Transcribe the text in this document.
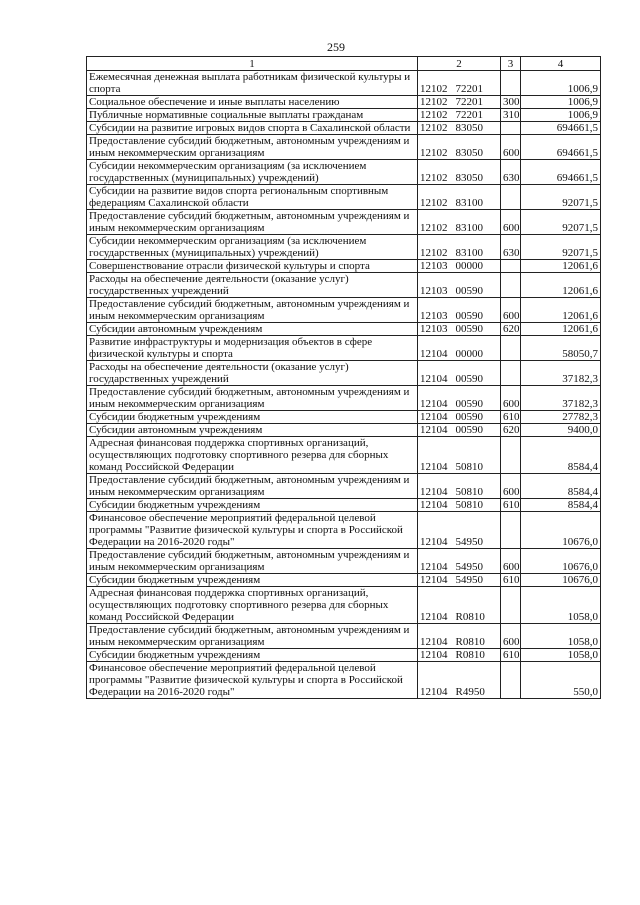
259
1	2	3	4
Ежемесячная денежная выплата работникам физической культуры и спорта	12102 72201		1006,9
Социальное обеспечение и иные выплаты населению	12102 72201	300	1006,9
Публичные нормативные социальные выплаты гражданам	12102 72201	310	1006,9
Субсидии на развитие игровых видов спорта в Сахалинской области	12102 83050		694661,5
Предоставление субсидий бюджетным, автономным учреждениям и иным некоммерческим организациям	12102 83050	600	694661,5
Субсидии некоммерческим организациям (за исключением государственных (муниципальных) учреждений)	12102 83050	630	694661,5
Субсидии на развитие видов спорта региональным спортивным федерациям Сахалинской области	12102 83100		92071,5
Предоставление субсидий бюджетным, автономным учреждениям и иным некоммерческим организациям	12102 83100	600	92071,5
Субсидии некоммерческим организациям (за исключением государственных (муниципальных) учреждений)	12102 83100	630	92071,5
Совершенствование отрасли физической культуры и спорта	12103 00000		12061,6
Расходы на обеспечение деятельности (оказание услуг) государственных учреждений	12103 00590		12061,6
Предоставление субсидий бюджетным, автономным учреждениям и иным некоммерческим организациям	12103 00590	600	12061,6
Субсидии автономным учреждениям	12103 00590	620	12061,6
Развитие инфраструктуры и модернизация объектов в сфере физической культуры и спорта	12104 00000		58050,7
Расходы на обеспечение деятельности (оказание услуг) государственных учреждений	12104 00590		37182,3
Предоставление субсидий бюджетным, автономным учреждениям и иным некоммерческим организациям	12104 00590	600	37182,3
Субсидии бюджетным учреждениям	12104 00590	610	27782,3
Субсидии автономным учреждениям	12104 00590	620	9400,0
Адресная финансовая поддержка спортивных организаций, осуществляющих подготовку спортивного резерва для сборных команд Российской Федерации	12104 50810		8584,4
Предоставление субсидий бюджетным, автономным учреждениям и иным некоммерческим организациям	12104 50810	600	8584,4
Субсидии бюджетным учреждениям	12104 50810	610	8584,4
Финансовое обеспечение мероприятий федеральной целевой программы "Развитие физической культуры и спорта в Российской Федерации на 2016-2020 годы"	12104 54950		10676,0
Предоставление субсидий бюджетным, автономным учреждениям и иным некоммерческим организациям	12104 54950	600	10676,0
Субсидии бюджетным учреждениям	12104 54950	610	10676,0
Адресная финансовая поддержка спортивных организаций, осуществляющих подготовку спортивного резерва для сборных команд Российской Федерации	12104 R0810		1058,0
Предоставление субсидий бюджетным, автономным учреждениям и иным некоммерческим организациям	12104 R0810	600	1058,0
Субсидии бюджетным учреждениям	12104 R0810	610	1058,0
Финансовое обеспечение мероприятий федеральной целевой программы "Развитие физической культуры и спорта в Российской Федерации на 2016-2020 годы"	12104 R4950		550,0
